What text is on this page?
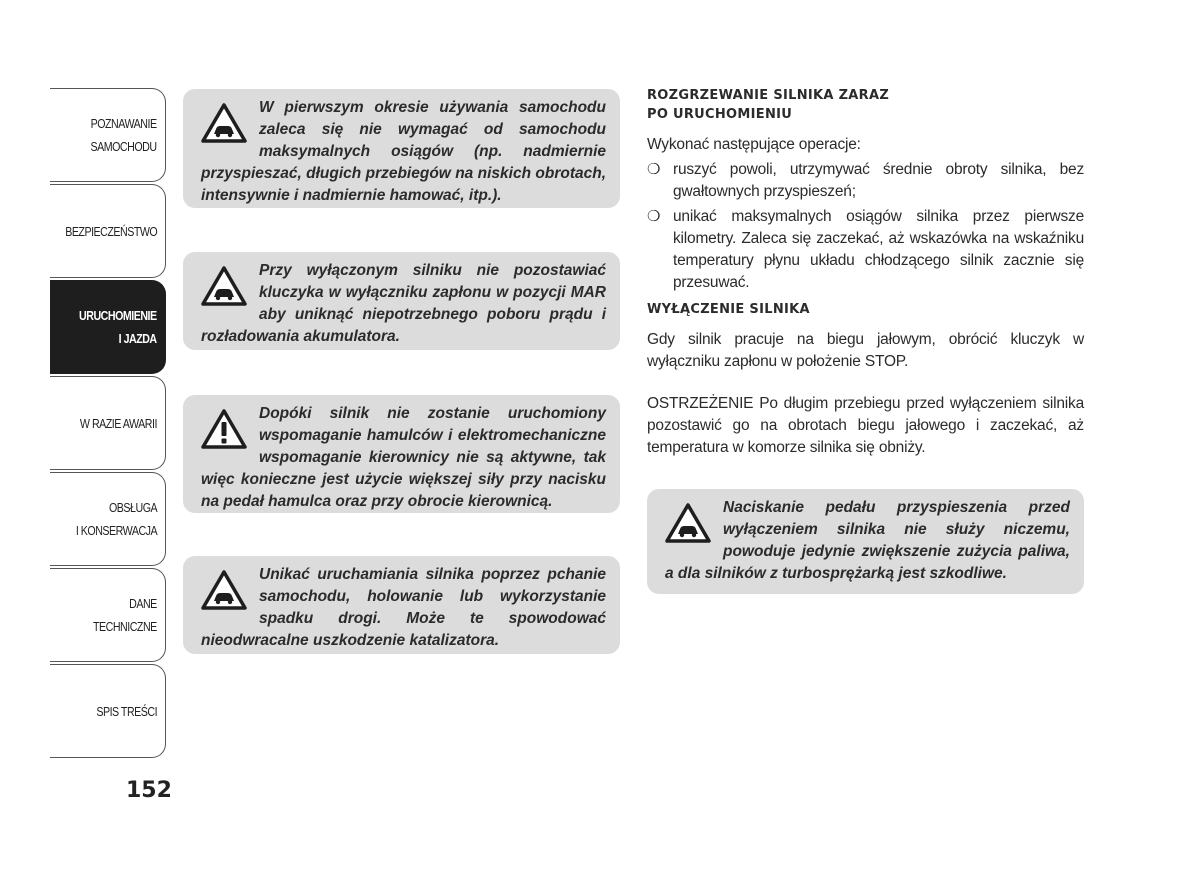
POZNAWANIE
SAMOCHODU
BEZPIECZEŃSTWO
URUCHOMIENIE
I JAZDA
W RAZIE AWARII
OBSŁUGA
I KONSERWACJA
DANE
TECHNICZNE
SPIS TREŚCI
152

W pierwszym okresie używania samochodu zaleca się nie wymagać od samochodu maksymalnych osiągów (np. nadmiernie przyspieszać, długich przebiegów na niskich obrotach, intensywnie i nadmiernie hamować, itp.).

Przy wyłączonym silniku nie pozostawiać kluczyka w wyłączniku zapłonu w pozycji MAR aby uniknąć niepotrzebnego poboru prądu i rozładowania akumulatora.

Dopóki silnik nie zostanie uruchomiony wspomaganie hamulców i elektromechaniczne wspomaganie kierownicy nie są aktywne, tak więc konieczne jest użycie większej siły przy nacisku na pedał hamulca oraz przy obrocie kierownicą.

Unikać uruchamiania silnika poprzez pchanie samochodu, holowanie lub wykorzystanie spadku drogi. Może te spowodować nieodwracalne uszkodzenie katalizatora.

ROZGRZEWANIE SILNIKA ZARAZ

PO URUCHOMIENIU

Wykonać następujące operacje:

❍ ruszyć powoli, utrzymywać średnie obroty silnika, bez gwałtownych przyspieszeń;
❍ unikać maksymalnych osiągów silnika przez pierwsze kilometry. Zaleca się zaczekać, aż wskazówka na wskaźniku temperatury płynu układu chłodzącego silnik zacznie się przesuwać.

WYŁĄCZENIE SILNIKA

Gdy silnik pracuje na biegu jałowym, obrócić kluczyk w wyłączniku zapłonu w położenie STOP.

OSTRZEŻENIE Po długim przebiegu przed wyłączeniem silnika pozostawić go na obrotach biegu jałowego i zaczekać, aż temperatura w komorze silnika się obniży.

Naciskanie pedału przyspieszenia przed wyłączeniem silnika nie służy niczemu, powoduje jedynie zwiększenie zużycia paliwa, a dla silników z turbosprężarką jest szkodliwe.
